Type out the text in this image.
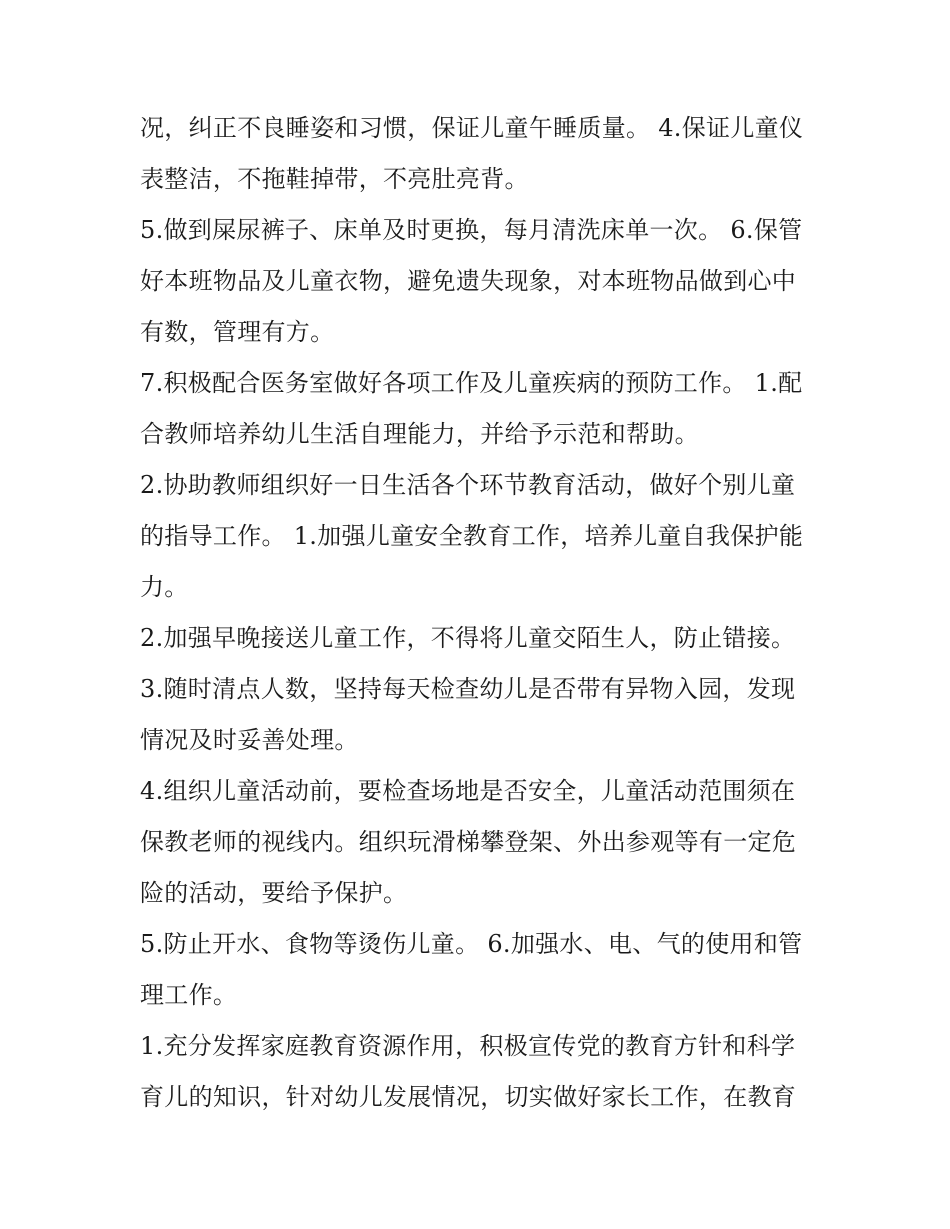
况，纠正不良睡姿和习惯，保证儿童午睡质量。 4.保证儿童仪
表整洁，不拖鞋掉带，不亮肚亮背。
5.做到屎尿裤子、床单及时更换，每月清洗床单一次。 6.保管
好本班物品及儿童衣物，避免遗失现象，对本班物品做到心中
有数，管理有方。
7.积极配合医务室做好各项工作及儿童疾病的预防工作。 1.配
合教师培养幼儿生活自理能力，并给予示范和帮助。
2.协助教师组织好一日生活各个环节教育活动，做好个别儿童
的指导工作。 1.加强儿童安全教育工作，培养儿童自我保护能
力。
2.加强早晚接送儿童工作，不得将儿童交陌生人，防止错接。
3.随时清点人数，坚持每天检查幼儿是否带有异物入园，发现
情况及时妥善处理。
4.组织儿童活动前，要检查场地是否安全，儿童活动范围须在
保教老师的视线内。组织玩滑梯攀登架、外出参观等有一定危
险的活动，要给予保护。
5.防止开水、食物等烫伤儿童。 6.加强水、电、气的使用和管
理工作。
1.充分发挥家庭教育资源作用，积极宣传党的教育方针和科学
育儿的知识，针对幼儿发展情况，切实做好家长工作，在教育
